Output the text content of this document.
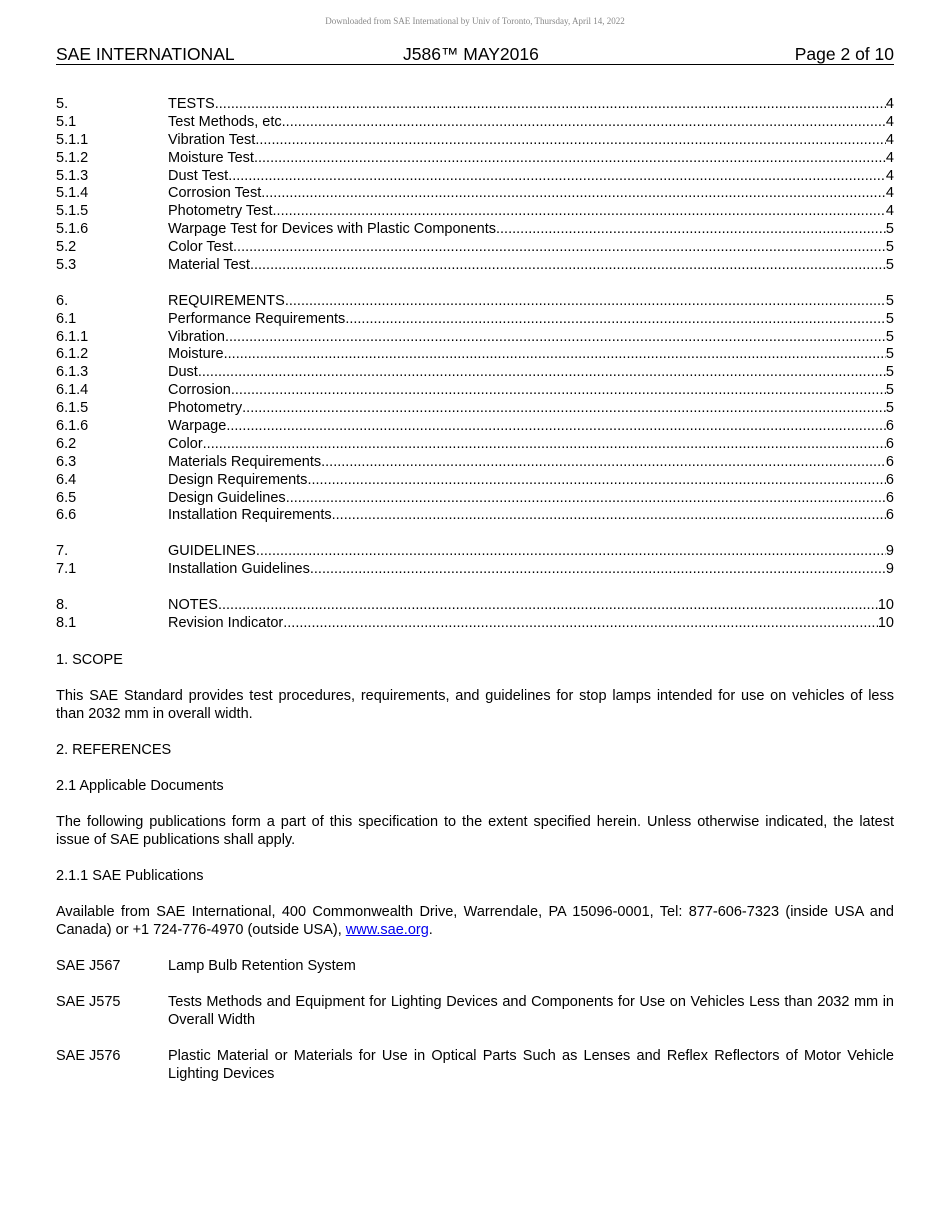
Downloaded from SAE International by Univ of Toronto, Thursday, April 14, 2022
SAE INTERNATIONAL	J586™ MAY2016	Page 2 of 10
5.	TESTS .....	4
5.1	Test Methods, etc. .....	4
5.1.1	Vibration Test .....	4
5.1.2	Moisture Test .....	4
5.1.3	Dust Test .....	4
5.1.4	Corrosion Test .....	4
5.1.5	Photometry Test .....	4
5.1.6	Warpage Test for Devices with Plastic Components .....	5
5.2	Color Test .....	5
5.3	Material Test .....	5
6.	REQUIREMENTS .....	5
6.1	Performance Requirements .....	5
6.1.1	Vibration .....	5
6.1.2	Moisture .....	5
6.1.3	Dust .....	5
6.1.4	Corrosion .....	5
6.1.5	Photometry .....	5
6.1.6	Warpage .....	6
6.2	Color .....	6
6.3	Materials Requirements .....	6
6.4	Design Requirements .....	6
6.5	Design Guidelines .....	6
6.6	Installation Requirements .....	6
7.	GUIDELINES .....	9
7.1	Installation Guidelines .....	9
8.	NOTES .....	10
8.1	Revision Indicator .....	10

1. SCOPE

This SAE Standard provides test procedures, requirements, and guidelines for stop lamps intended for use on vehicles of less than 2032 mm in overall width.

2. REFERENCES

2.1 Applicable Documents

The following publications form a part of this specification to the extent specified herein. Unless otherwise indicated, the latest issue of SAE publications shall apply.

2.1.1 SAE Publications

Available from SAE International, 400 Commonwealth Drive, Warrendale, PA 15096-0001, Tel: 877-606-7323 (inside USA and Canada) or +1 724-776-4970 (outside USA), www.sae.org.

SAE J567	Lamp Bulb Retention System
SAE J575	Tests Methods and Equipment for Lighting Devices and Components for Use on Vehicles Less than 2032 mm in Overall Width
SAE J576	Plastic Material or Materials for Use in Optical Parts Such as Lenses and Reflex Reflectors of Motor Vehicle Lighting Devices
